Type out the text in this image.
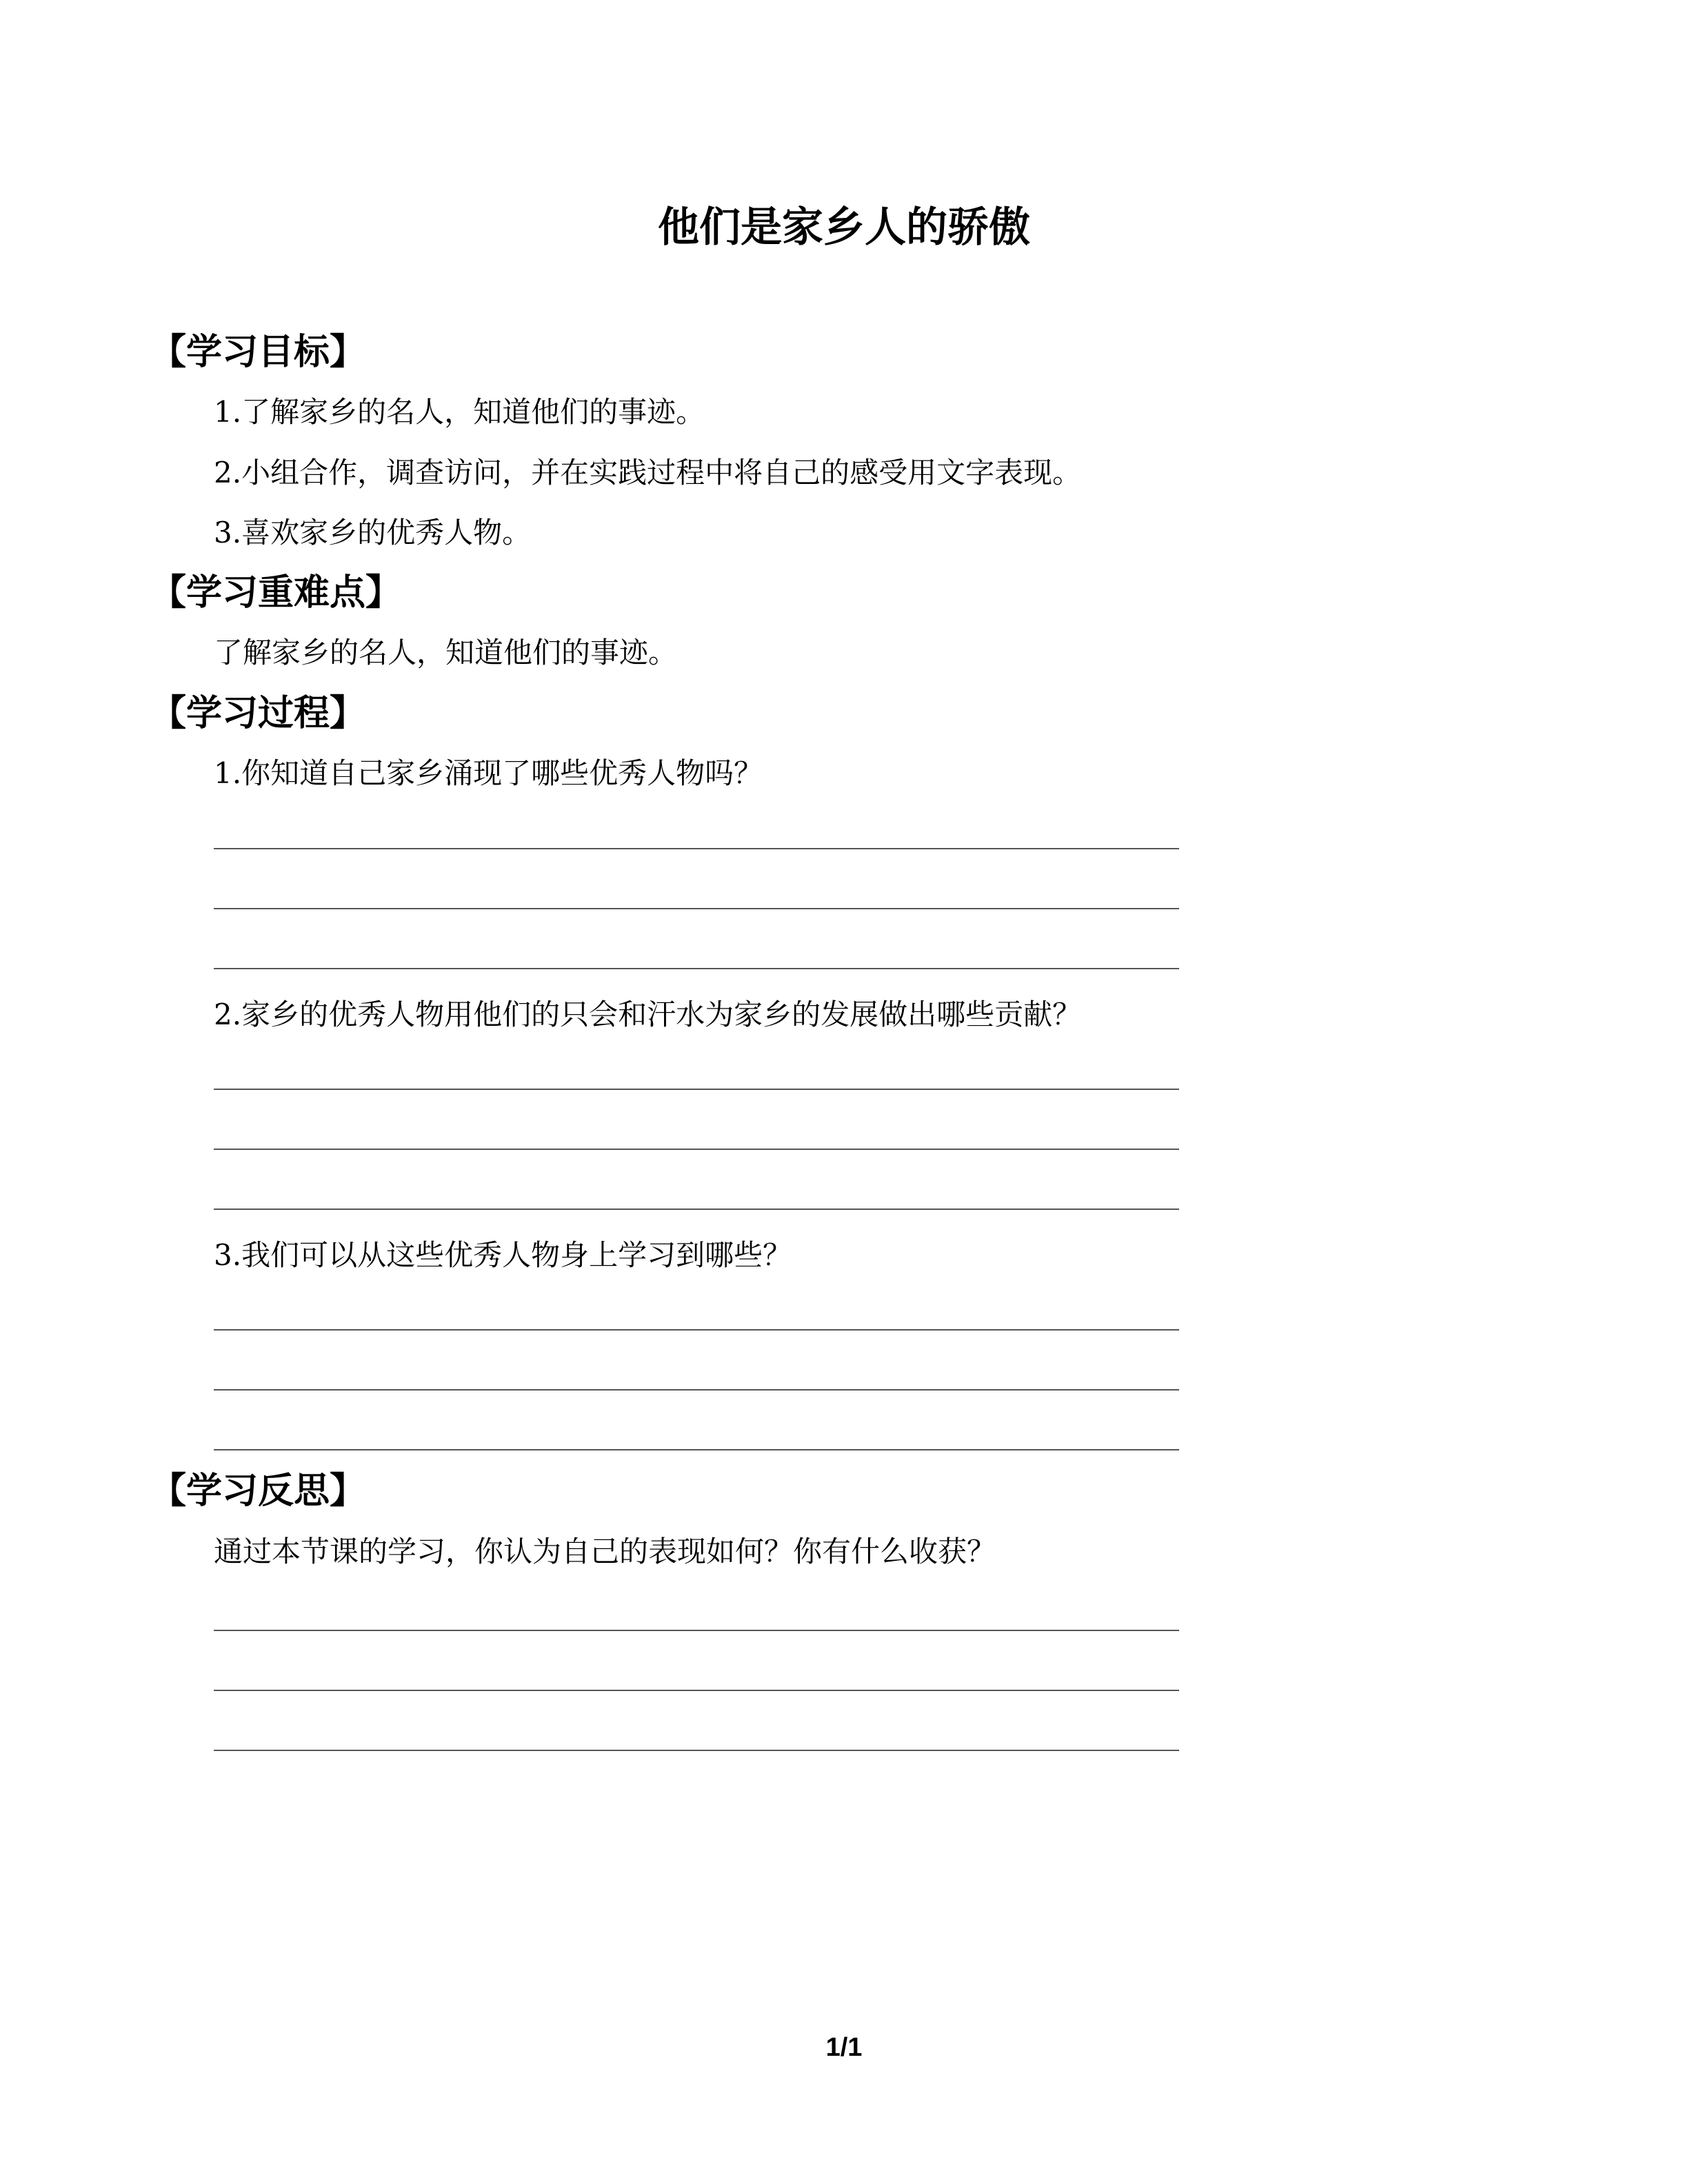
他们是家乡人的骄傲
【学习目标】
1.了解家乡的名人，知道他们的事迹。
2.小组合作，调查访问，并在实践过程中将自己的感受用文字表现。
3.喜欢家乡的优秀人物。
【学习重难点】
了解家乡的名人，知道他们的事迹。
【学习过程】
1.你知道自己家乡涌现了哪些优秀人物吗？
2.家乡的优秀人物用他们的只会和汗水为家乡的发展做出哪些贡献？
3.我们可以从这些优秀人物身上学习到哪些？
【学习反思】
通过本节课的学习，你认为自己的表现如何？你有什么收获？
1/1
